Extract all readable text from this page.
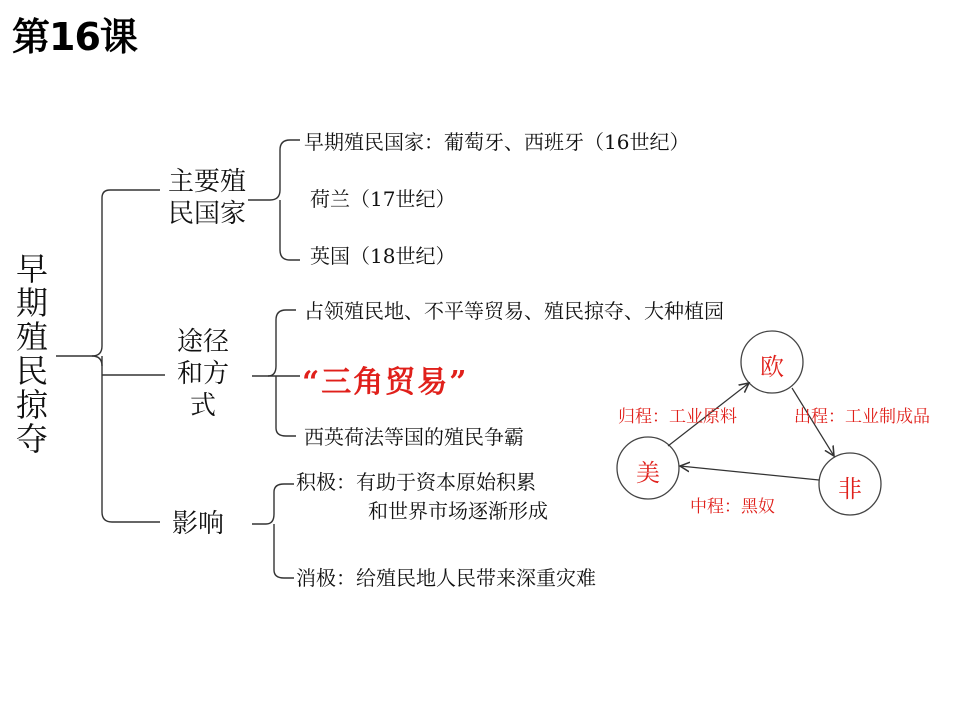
第16课
早期殖民掠夺
主要殖民国家
早期殖民国家：葡萄牙、西班牙（16世纪）
荷兰（17世纪）
英国（18世纪）
途径和方式
占领殖民地、不平等贸易、殖民掠夺、大种植园
“三角贸易”
西英荷法等国的殖民争霸
影响
积极：有助于资本原始积累
和世界市场逐渐形成
消极：给殖民地人民带来深重灾难
欧
美
非
归程：工业原料	出程：工业制成品
中程：黑奴
